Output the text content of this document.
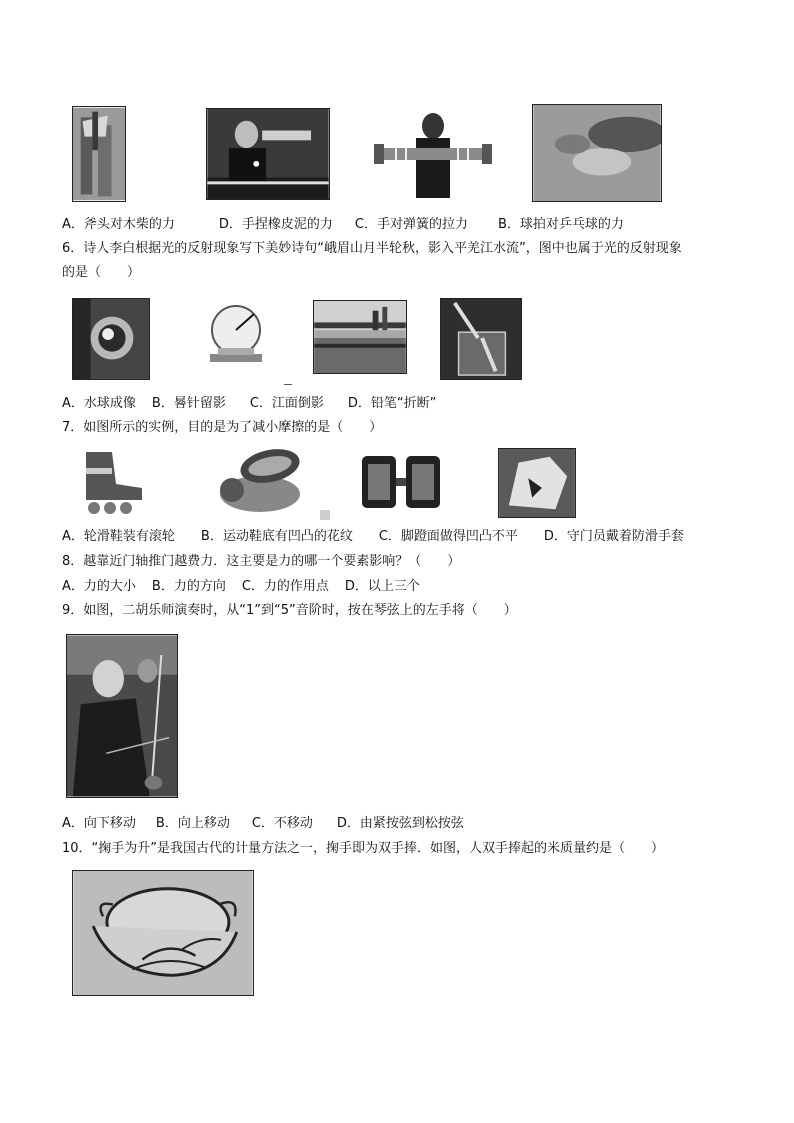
A．斧头对木柴的力	D．手捏橡皮泥的力 C．手对弹簧的拉力 B．球拍对乒乓球的力
6．诗人李白根据光的反射现象写下美妙诗句“峨眉山月半轮秋，影入平羌江水流”，图中也属于光的反射现象
的是（　　）
A．水球成像 B．晷针留影 C．江面倒影 D．铅笔“折断”
7．如图所示的实例，目的是为了减小摩擦的是（　　）
A．轮滑鞋装有滚轮 B．运动鞋底有凹凸的花纹 C．脚蹬面做得凹凸不平 D．守门员戴着防滑手套
8．越靠近门轴推门越费力．这主要是力的哪一个要素影响？（　　）
A．力的大小 B．力的方向 C．力的作用点 D．以上三个
9．如图，二胡乐师演奏时，从“1”到“5”音阶时，按在琴弦上的左手将（　　）
A．向下移动 B．向上移动 C．不移动 D．由紧按弦到松按弦
10．“掬手为升”是我国古代的计量方法之一，掬手即为双手捧．如图，人双手捧起的米质量约是（　　）
